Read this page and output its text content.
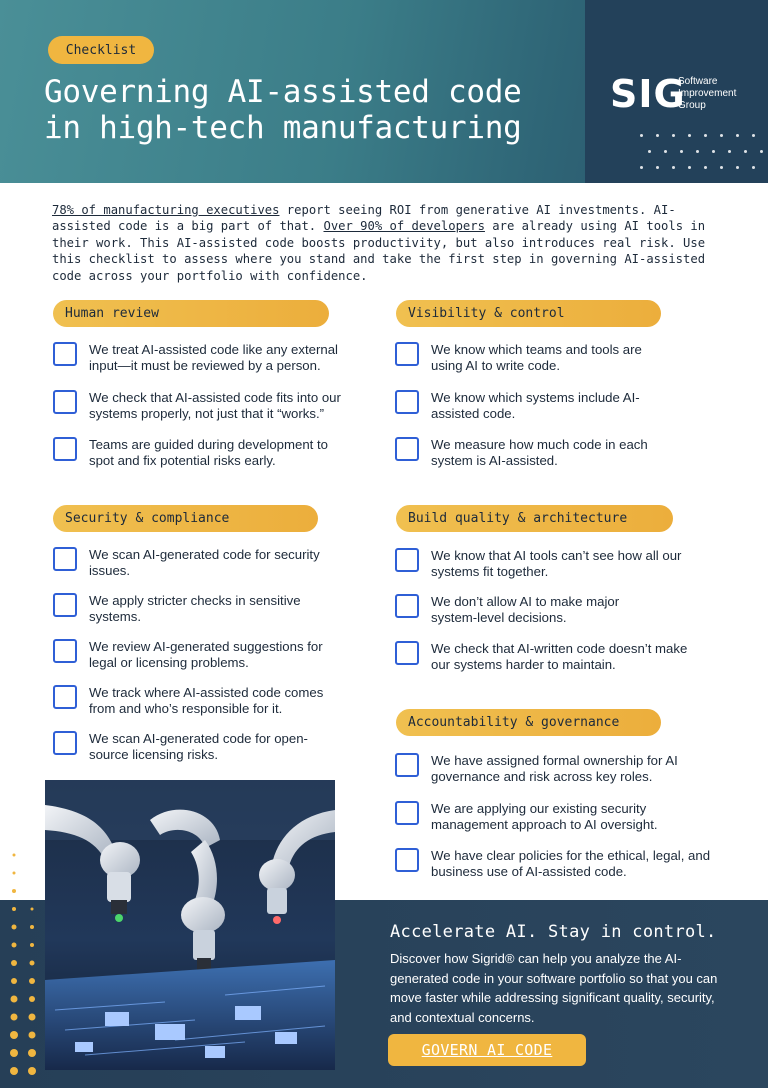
Checklist
Governing AI-assisted code
in high-tech manufacturing
SIG
Software
Improvement
Group
78% of manufacturing executives report seeing ROI from generative AI investments. AI-assisted code is a big part of that. Over 90% of developers are already using AI tools in their work. This AI-assisted code boosts productivity, but also introduces real risk. Use this checklist to assess where you stand and take the first step in governing AI-assisted code across your portfolio with confidence.
Human review
We treat AI-assisted code like any external input—it must be reviewed by a person.
We check that AI-assisted code fits into our systems properly, not just that it “works.”
Teams are guided during development to spot and fix potential risks early.
Visibility & control
We know which teams and tools are using AI to write code.
We know which systems include AI-assisted code.
We measure how much code in each system is AI-assisted.
Security & compliance
We scan AI-generated code for security issues.
We apply stricter checks in sensitive systems.
We review AI-generated suggestions for legal or licensing problems.
We track where AI-assisted code comes from and who’s responsible for it.
We scan AI-generated code for open-source licensing risks.
Build quality & architecture
We know that AI tools can’t see how all our systems fit together.
We don’t allow AI to make major system-level decisions.
We check that AI-written code doesn’t make our systems harder to maintain.
Accountability & governance
We have assigned formal ownership for AI governance and risk across key roles.
We are applying our existing security management approach to AI oversight.
We have clear policies for the ethical, legal, and business use of AI-assisted code.
Accelerate AI. Stay in control.
Discover how Sigrid® can help you analyze the AI-generated code in your software portfolio so that you can move faster while addressing significant quality, security, and contextual concerns.
GOVERN AI CODE
